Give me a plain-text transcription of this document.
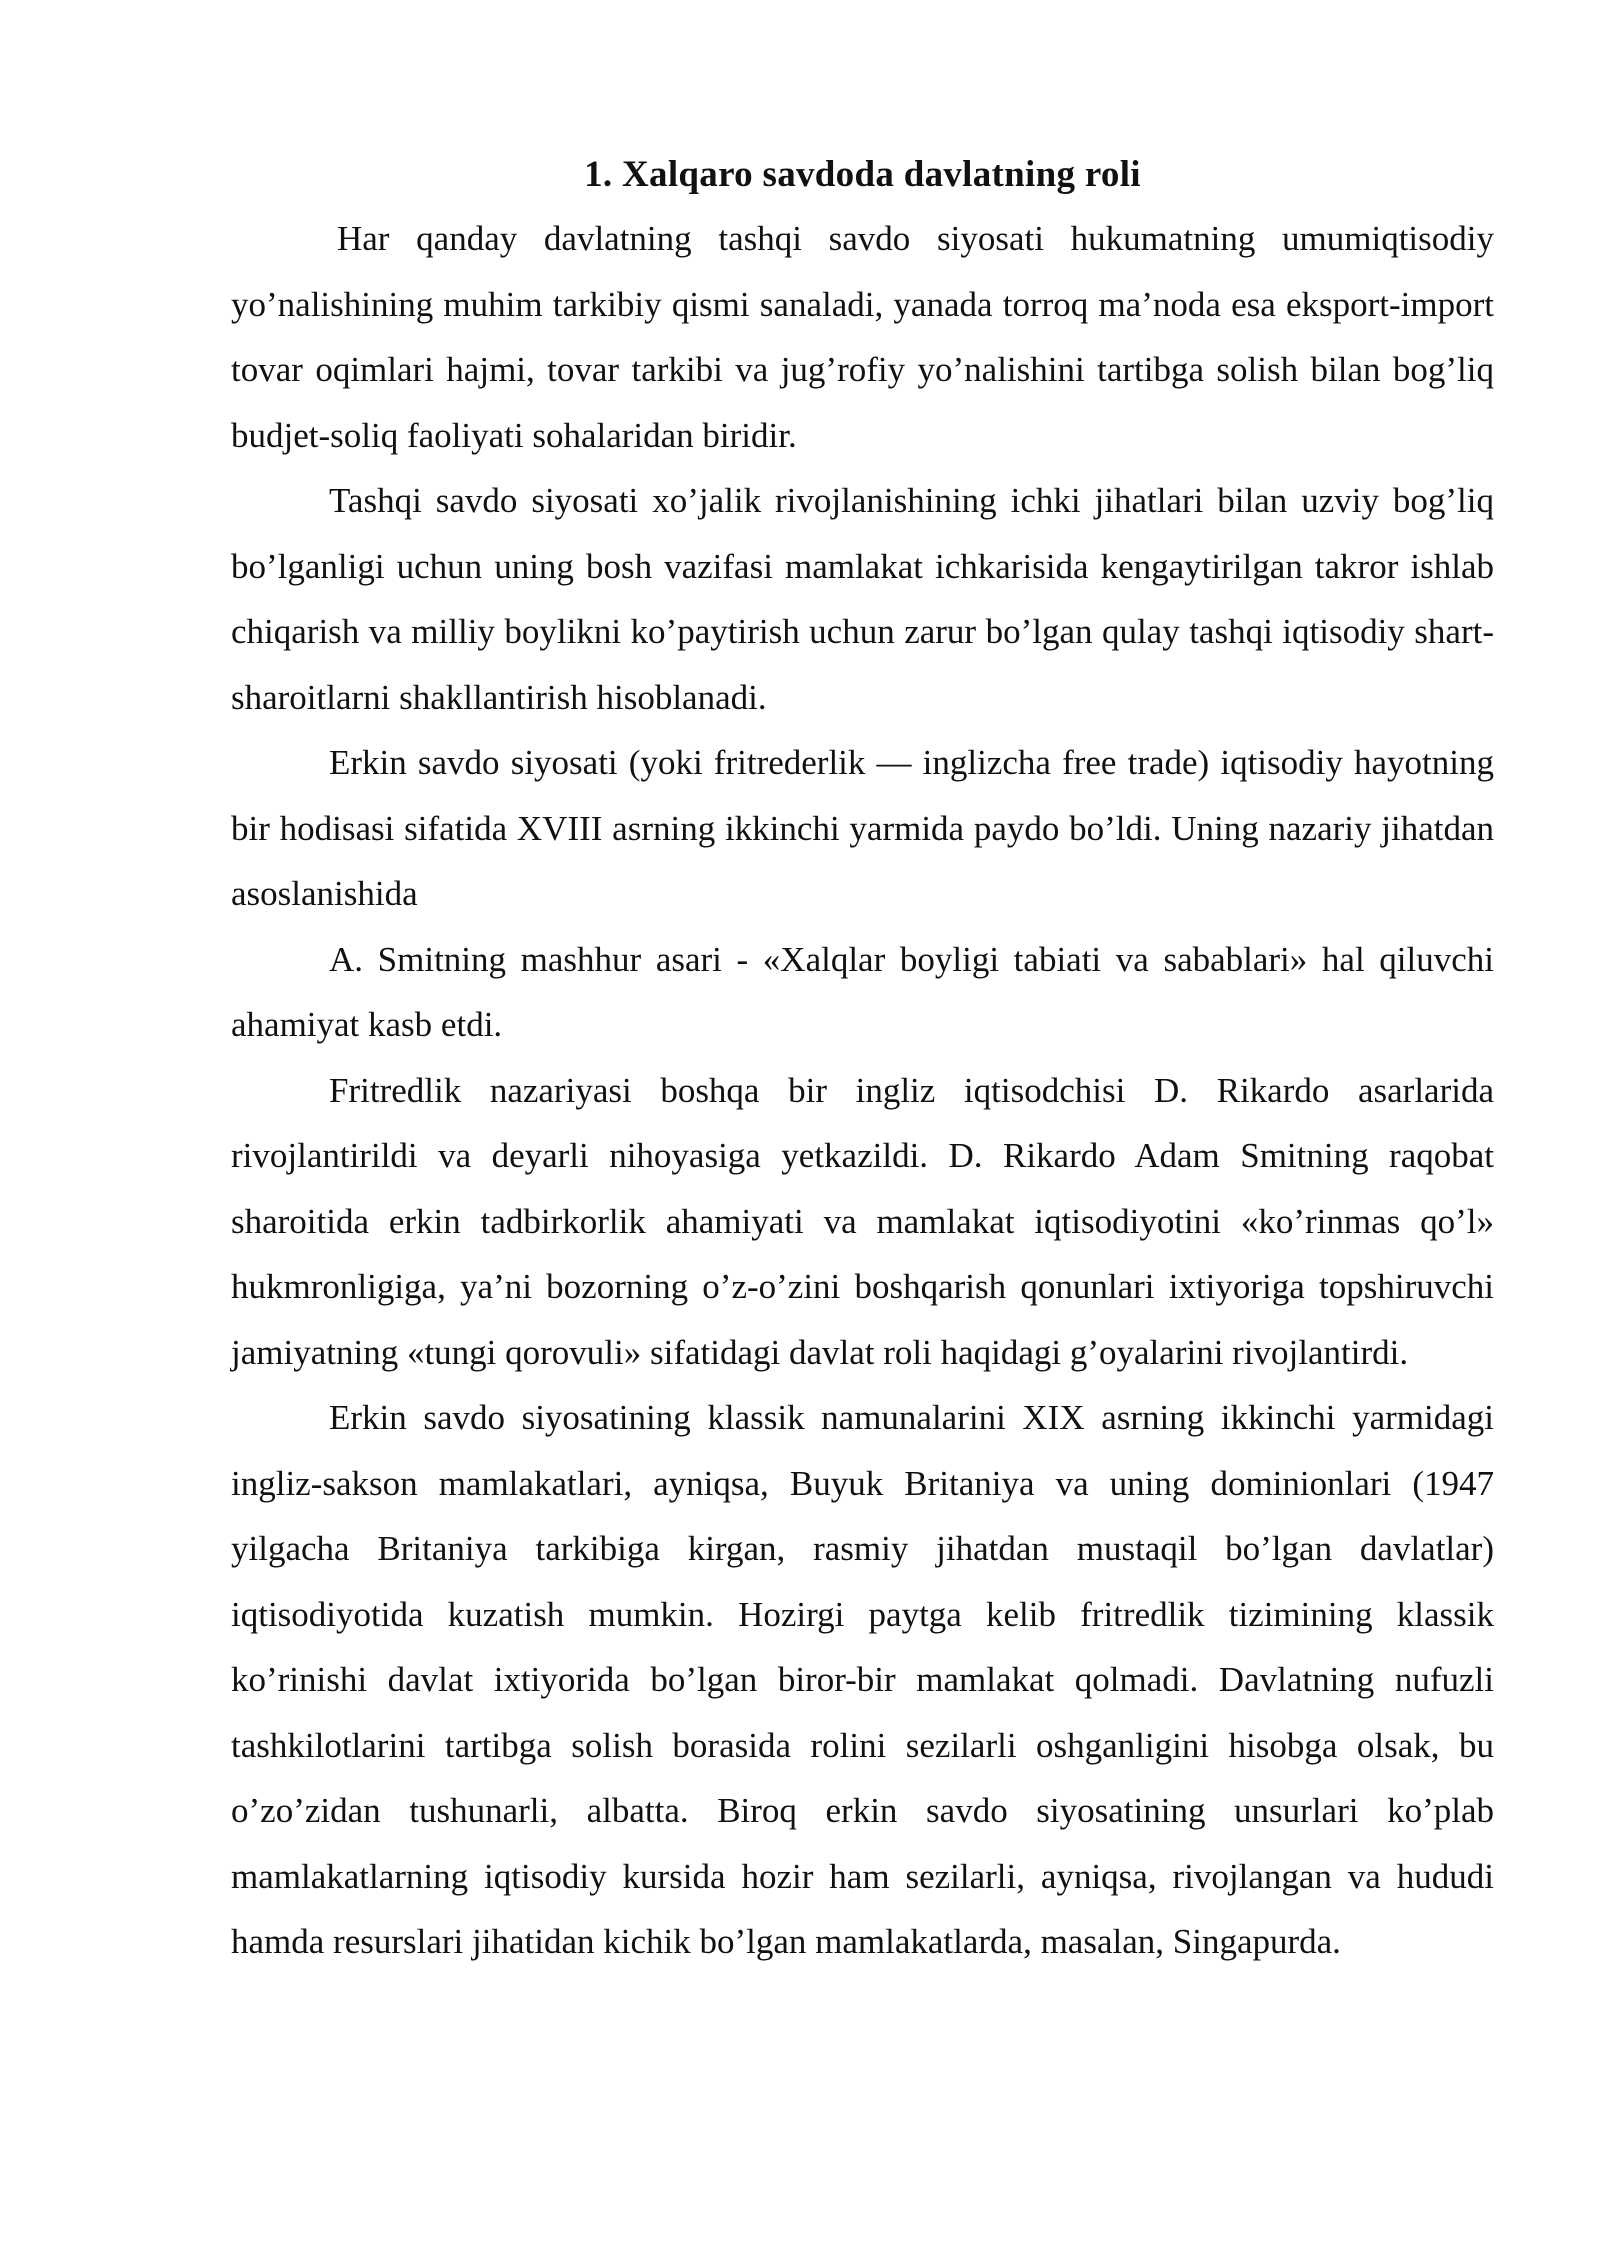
1. Xalqaro savdoda davlatning roli

Har qanday davlatning tashqi savdo siyosati hukumatning umumiqtisodiy yo’nalishining muhim tarkibiy qismi sanaladi, yanada torroq ma’noda esa eksport-import tovar oqimlari hajmi, tovar tarkibi va jug’rofiy yo’nalishini tartibga solish bilan bog’liq budjet-soliq faoliyati sohalaridan biridir.

Tashqi savdo siyosati xo’jalik rivojlanishining ichki jihatlari bilan uzviy bog’liq bo’lganligi uchun uning bosh vazifasi mamlakat ichkarisida kengaytirilgan takror ishlab chiqarish va milliy boylikni ko’paytirish uchun zarur bo’lgan qulay tashqi iqtisodiy shart-sharoitlarni shakllantirish hisoblanadi.

Erkin savdo siyosati (yoki fritrederlik — inglizcha free trade) iqtisodiy hayotning bir hodisasi sifatida XVIII asrning ikkinchi yarmida paydo bo’ldi. Uning nazariy jihatdan asoslanishida

A. Smitning mashhur asari - «Xalqlar boyligi tabiati va sabablari» hal qiluvchi ahamiyat kasb etdi.

Fritredlik nazariyasi boshqa bir ingliz iqtisodchisi D. Rikardo asarlarida rivojlantirildi va deyarli nihoyasiga yetkazildi. D. Rikardo Adam Smitning raqobat sharoitida erkin tadbirkorlik ahamiyati va mamlakat iqtisodiyotini «ko’rinmas qo’l» hukmronligiga, ya’ni bozorning o’z-o’zini boshqarish qonunlari ixtiyoriga topshiruvchi jamiyatning «tungi qorovuli» sifatidagi davlat roli haqidagi g’oyalarini rivojlantirdi.

Erkin savdo siyosatining klassik namunalarini XIX asrning ikkinchi yarmidagi ingliz-sakson mamlakatlari, ayniqsa, Buyuk Britaniya va uning dominionlari (1947 yilgacha Britaniya tarkibiga kirgan, rasmiy jihatdan mustaqil bo’lgan davlatlar) iqtisodiyotida kuzatish mumkin. Hozirgi paytga kelib fritredlik tizimining klassik ko’rinishi davlat ixtiyorida bo’lgan biror-bir mamlakat qolmadi. Davlatning nufuzli tashkilotlarini tartibga solish borasida rolini sezilarli oshganligini hisobga olsak, bu o’zo’zidan tushunarli, albatta. Biroq erkin savdo siyosatining unsurlari ko’plab mamlakatlarning iqtisodiy kursida hozir ham sezilarli, ayniqsa, rivojlangan va hududi hamda resurslari jihatidan kichik bo’lgan mamlakatlarda, masalan, Singapurda.
